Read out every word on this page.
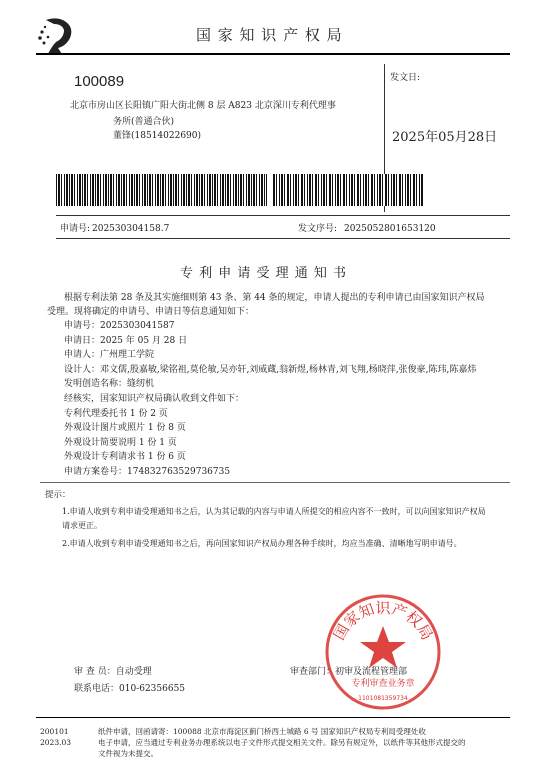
国 家 知 识 产 权 局
100089
北京市房山区长阳镇广阳大街北侧 8 层 A823 北京深川专利代理事
务所(普通合伙)
董锋(18514022690)
发文日:
2025年05月28日
申请号: 202530304158.7	发文序号: 2025052801653120
专 利 申 请 受 理 通 知 书
根据专利法第 28 条及其实施细则第 43 条、第 44 条的规定，申请人提出的专利申请已由国家知识产权局
受理。现将确定的申请号、申请日等信息通知如下：
申请号：2025303041587
申请日：2025 年 05 月 28 日
申请人：广州理工学院
设计人：邓文儒,殷嘉敏,梁铭祖,莫伦敏,吴亦轩,刘威蔵,翁新煜,杨林青,刘飞翔,杨晓萍,张俊豪,陈玮,陈嘉炜
发明创造名称：缝纫机
经核实，国家知识产权局确认收到文件如下：
专利代理委托书 1 份 2 页
外观设计图片或照片 1 份 8 页
外观设计简要说明 1 份 1 页
外观设计专利请求书 1 份 6 页
申请方案卷号：174832763529736735
提示：
1.申请人收到专利申请受理通知书之后，认为其记载的内容与申请人所提交的相应内容不一致时，可以向国家知识产权局
请求更正。
2.申请人收到专利申请受理通知书之后，再向国家知识产权局办理各种手续时，均应当准确、清晰地写明申请号。
国家知识产权局
专利审查业务章
1101081359734
审 查 员：自动受理
联系电话：010-62356655
审查部门：初审及流程管理部
200101
2023.03
纸件申请，回函请寄：100088 北京市海淀区蓟门桥西土城路 6 号 国家知识产权局专利局受理处收
电子申请，应当通过专利业务办理系统以电子文件形式提交相关文件。除另有规定外，以纸件等其他形式提交的
文件视为未提交。
